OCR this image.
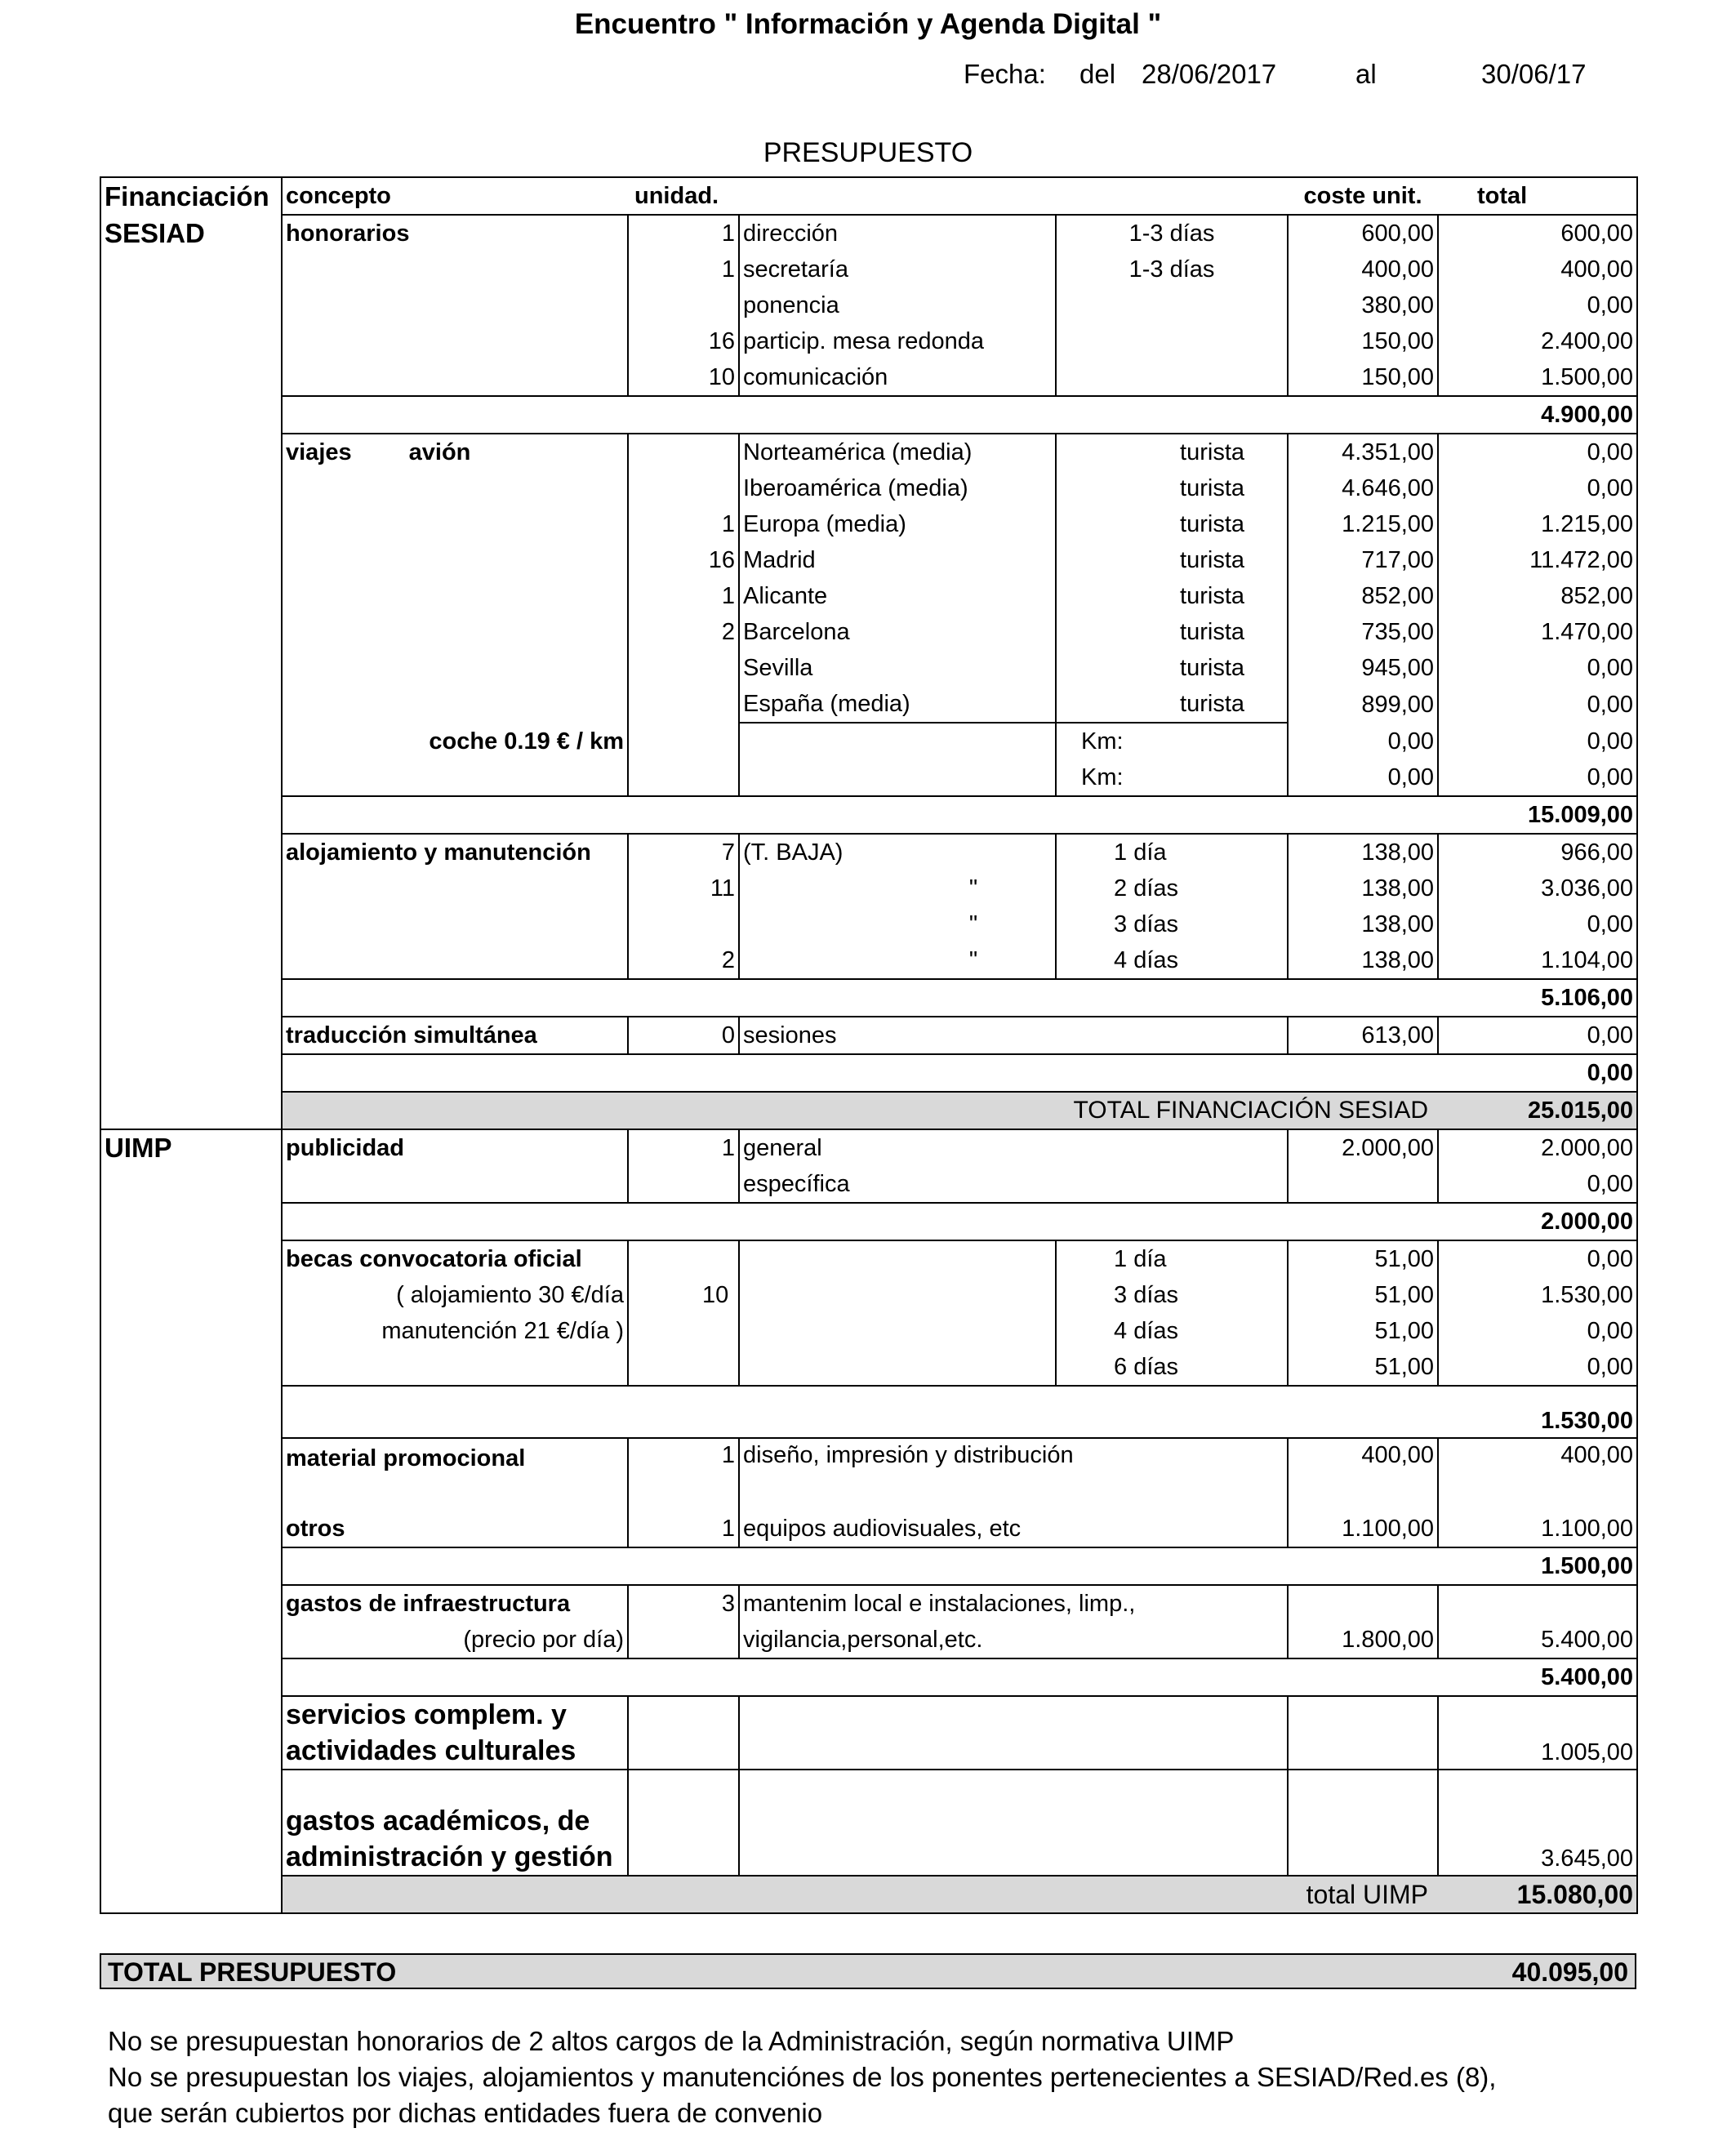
Encuentro " Información y Agenda Digital "
Fecha: del 28/06/2017	al	30/06/17
PRESUPUESTO
Financiación	concepto	unidad.			coste unit.	total
SESIAD	honorarios	1	dirección	1-3 días	600,00	600,00
		1	secretaría	1-3 días	400,00	400,00
			ponencia		380,00	0,00
		16	particip. mesa redonda		150,00	2.400,00
		10	comunicación		150,00	1.500,00
						4.900,00
	viajes avión		Norteamérica (media)	turista	4.351,00	0,00
			Iberoamérica (media)	turista	4.646,00	0,00
		1	Europa (media)	turista	1.215,00	1.215,00
		16	Madrid	turista	717,00	11.472,00
		1	Alicante	turista	852,00	852,00
		2	Barcelona	turista	735,00	1.470,00
			Sevilla	turista	945,00	0,00
			España (media)	turista	899,00	0,00
	coche 0.19 € / km			Km:	0,00	0,00
				Km:	0,00	0,00
						15.009,00
	alojamiento y manutención	7	(T. BAJA)	1 día	138,00	966,00
		11	"	2 días	138,00	3.036,00
			"	3 días	138,00	0,00
		2	"	4 días	138,00	1.104,00
						5.106,00
	traducción simultánea	0	sesiones		613,00	0,00
						0,00
	TOTAL FINANCIACIÓN SESIAD					25.015,00
UIMP	publicidad	1	general		2.000,00	2.000,00
			específica			0,00
						2.000,00
	becas convocatoria oficial			1 día	51,00	0,00
	( alojamiento 30 €/día	10		3 días	51,00	1.530,00
	manutención 21 €/día )			4 días	51,00	0,00
				6 días	51,00	0,00
						1.530,00
	material promocional	1	diseño, impresión y distribución		400,00	400,00

	otros	1	equipos audiovisuales, etc		1.100,00	1.100,00
						1.500,00
	gastos de infraestructura	3	mantenim local e instalaciones, limp.,			
	(precio por día)		vigilancia,personal,etc.		1.800,00	5.400,00
						5.400,00
	servicios complem. y actividades culturales					1.005,00
	gastos académicos, de administración y gestión					3.645,00
	total UIMP					15.080,00
TOTAL PRESUPUESTO	40.095,00
No se presupuestan honorarios de 2 altos cargos de la Administración, según normativa UIMP
No se presupuestan los viajes, alojamientos y manutenciónes de los ponentes pertenecientes a SESIAD/Red.es (8),
que serán cubiertos por dichas entidades fuera de convenio
